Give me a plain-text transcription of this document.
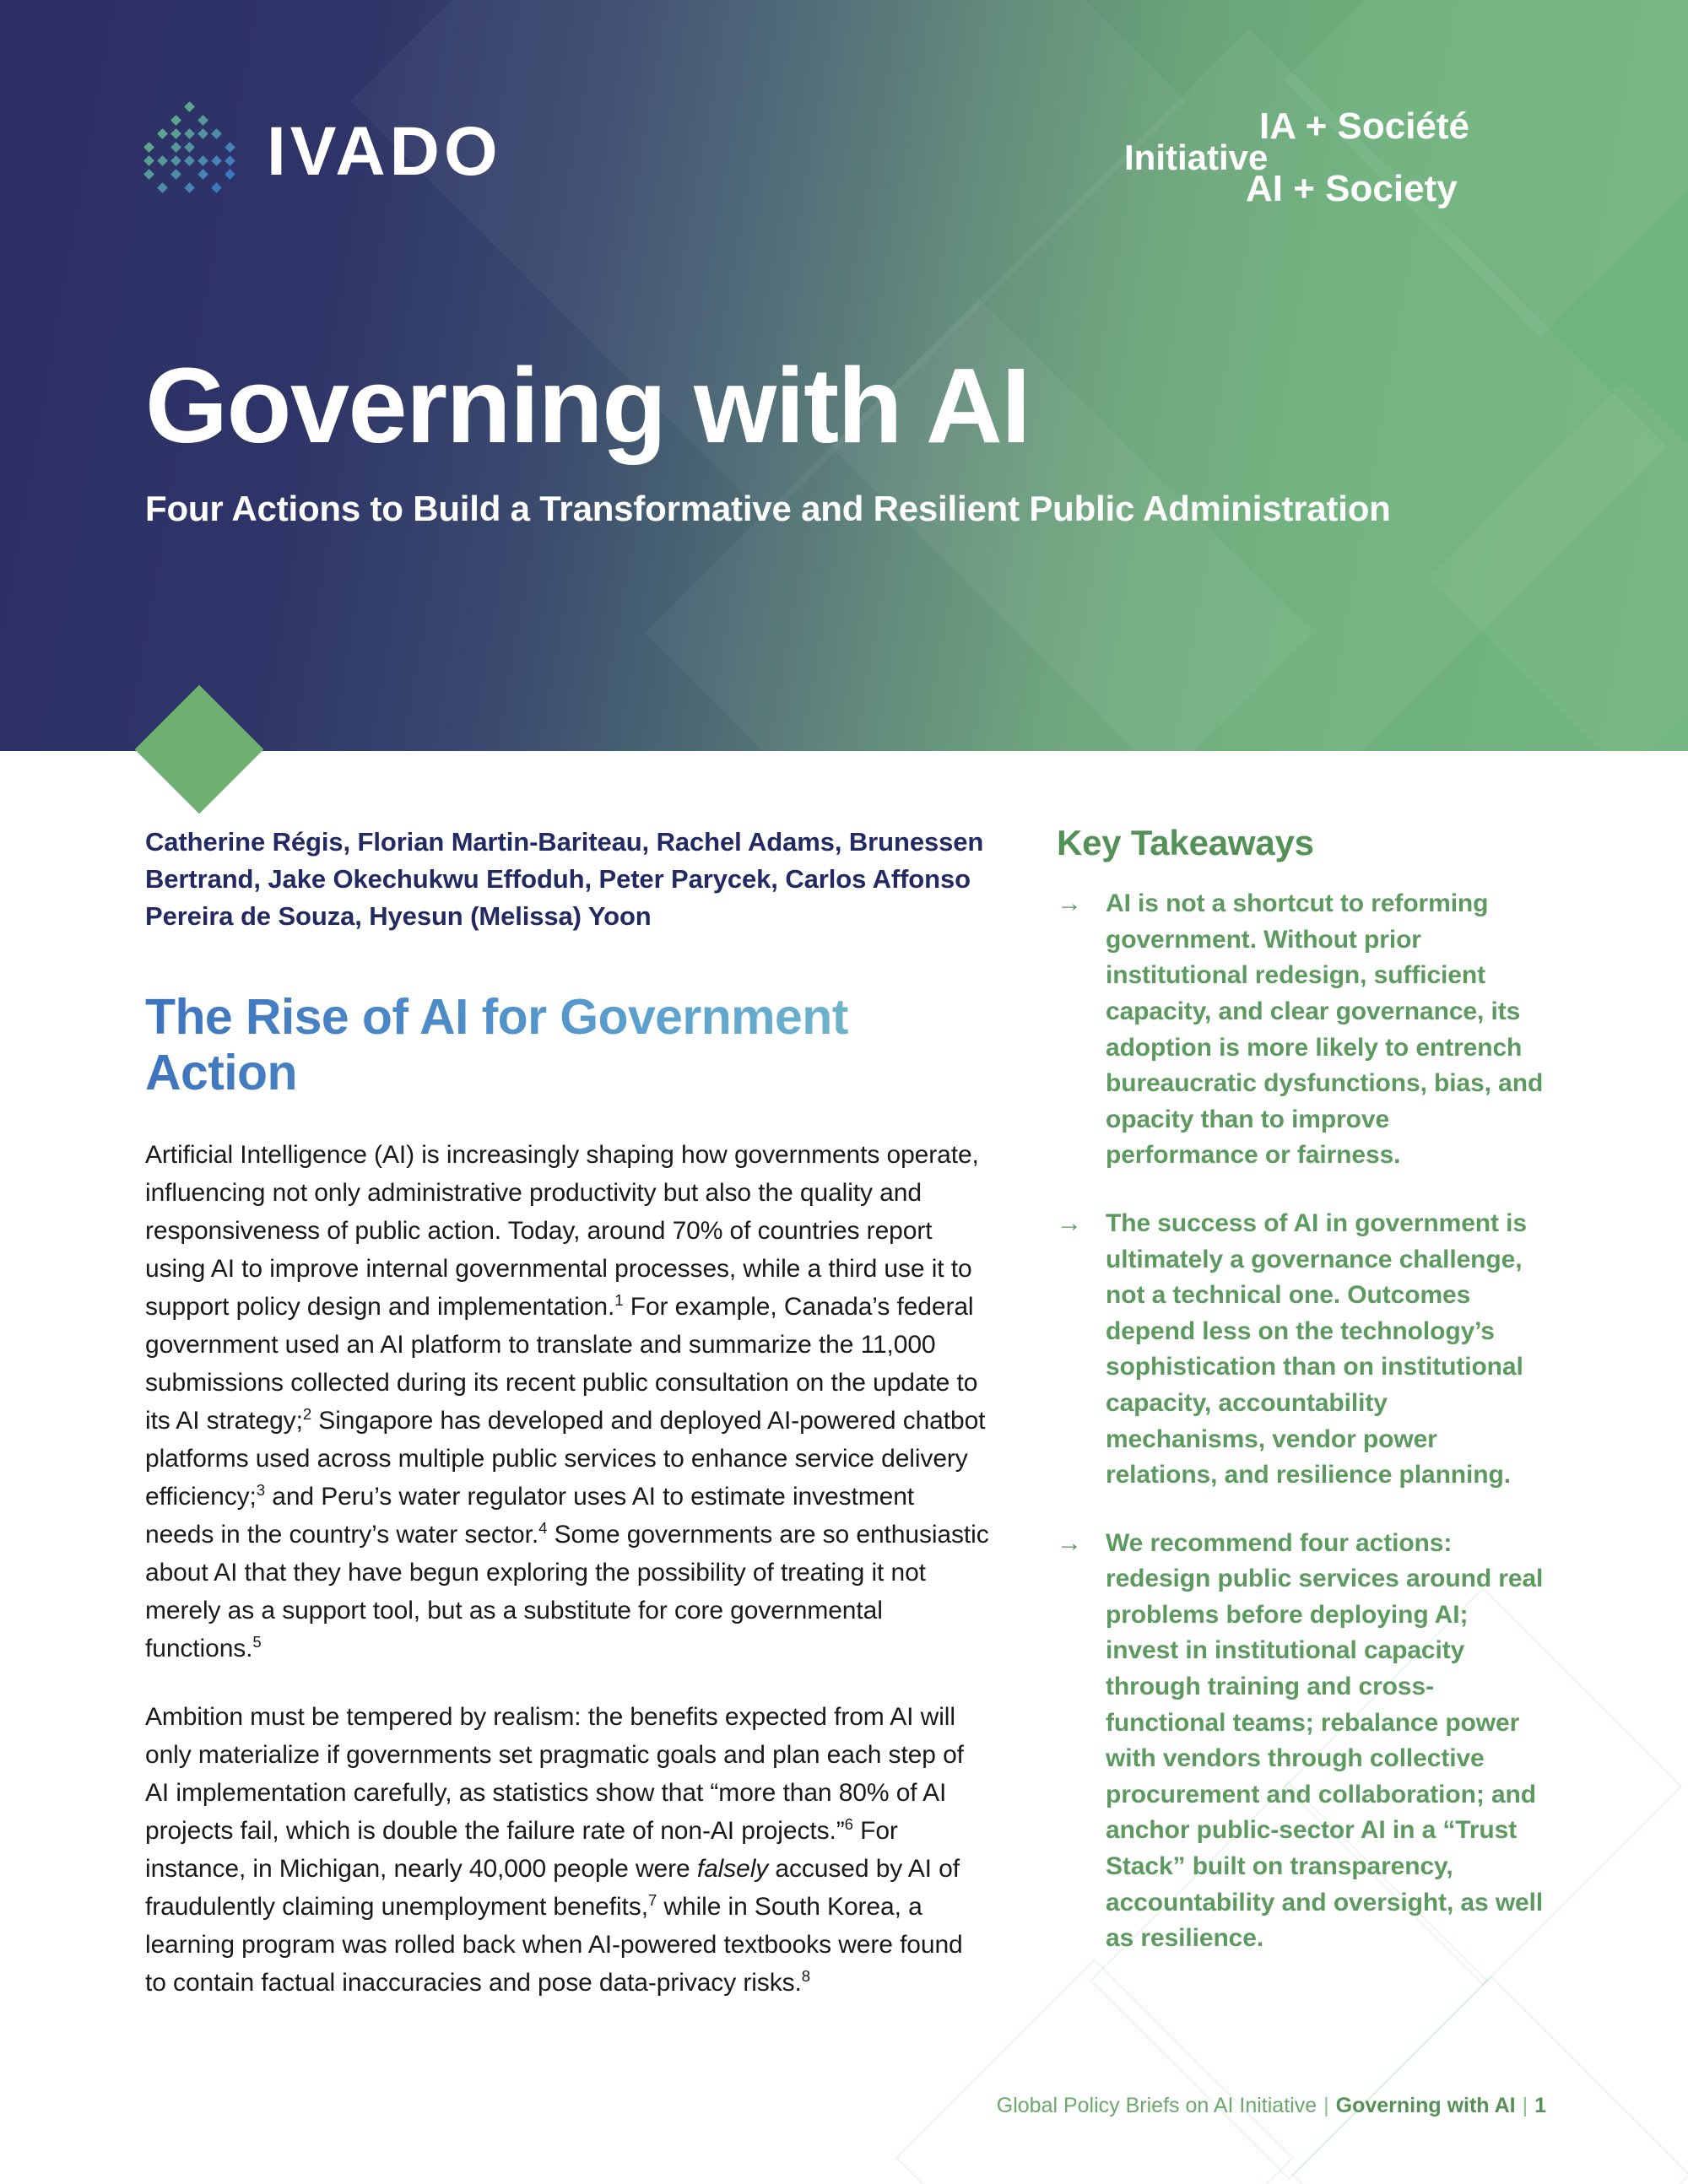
IVADO	Initiative
IA + Société
AI + Society
Governing with AI

Four Actions to Build a Transformative and Resilient Public Administration

Catherine Régis, Florian Martin-Bariteau, Rachel Adams, Brunessen Bertrand, Jake Okechukwu Effoduh, Peter Parycek, Carlos Affonso Pereira de Souza, Hyesun (Melissa) Yoon

The Rise of AI for Government Action

Artificial Intelligence (AI) is increasingly shaping how governments operate, influencing not only administrative productivity but also the quality and responsiveness of public action. Today, around 70% of countries report using AI to improve internal governmental processes, while a third use it to support policy design and implementation.$^1$ For example, Canada’s federal government used an AI platform to translate and summarize the 11,000 submissions collected during its recent public consultation on the update to its AI strategy;$^2$ Singapore has developed and deployed AI-powered chatbot platforms used across multiple public services to enhance service delivery efficiency;$^3$ and Peru’s water regulator uses AI to estimate investment needs in the country’s water sector.$^4$ Some governments are so enthusiastic about AI that they have begun exploring the possibility of treating it not merely as a support tool, but as a substitute for core governmental functions.$^5$

Ambition must be tempered by realism: the benefits expected from AI will only materialize if governments set pragmatic goals and plan each step of AI implementation carefully, as statistics show that “more than 80% of AI projects fail, which is double the failure rate of non-AI projects.”$^6$ For instance, in Michigan, nearly 40,000 people were falsely accused by AI of fraudulently claiming unemployment benefits,$^7$ while in South Korea, a learning program was rolled back when AI-powered textbooks were found to contain factual inaccuracies and pose data-privacy risks.$^8$

Key Takeaways
→ AI is not a shortcut to reforming government. Without prior institutional redesign, sufficient capacity, and clear governance, its adoption is more likely to entrench bureaucratic dysfunctions, bias, and opacity than to improve performance or fairness.
→ The success of AI in government is ultimately a governance challenge, not a technical one. Outcomes depend less on the technology’s sophistication than on institutional capacity, accountability mechanisms, vendor power relations, and resilience planning.
→ We recommend four actions: redesign public services around real problems before deploying AI; invest in institutional capacity through training and cross-functional teams; rebalance power with vendors through collective procurement and collaboration; and anchor public-sector AI in a “Trust Stack” built on transparency, accountability and oversight, as well as resilience.
Global Policy Briefs on AI Initiative | Governing with AI | 1
